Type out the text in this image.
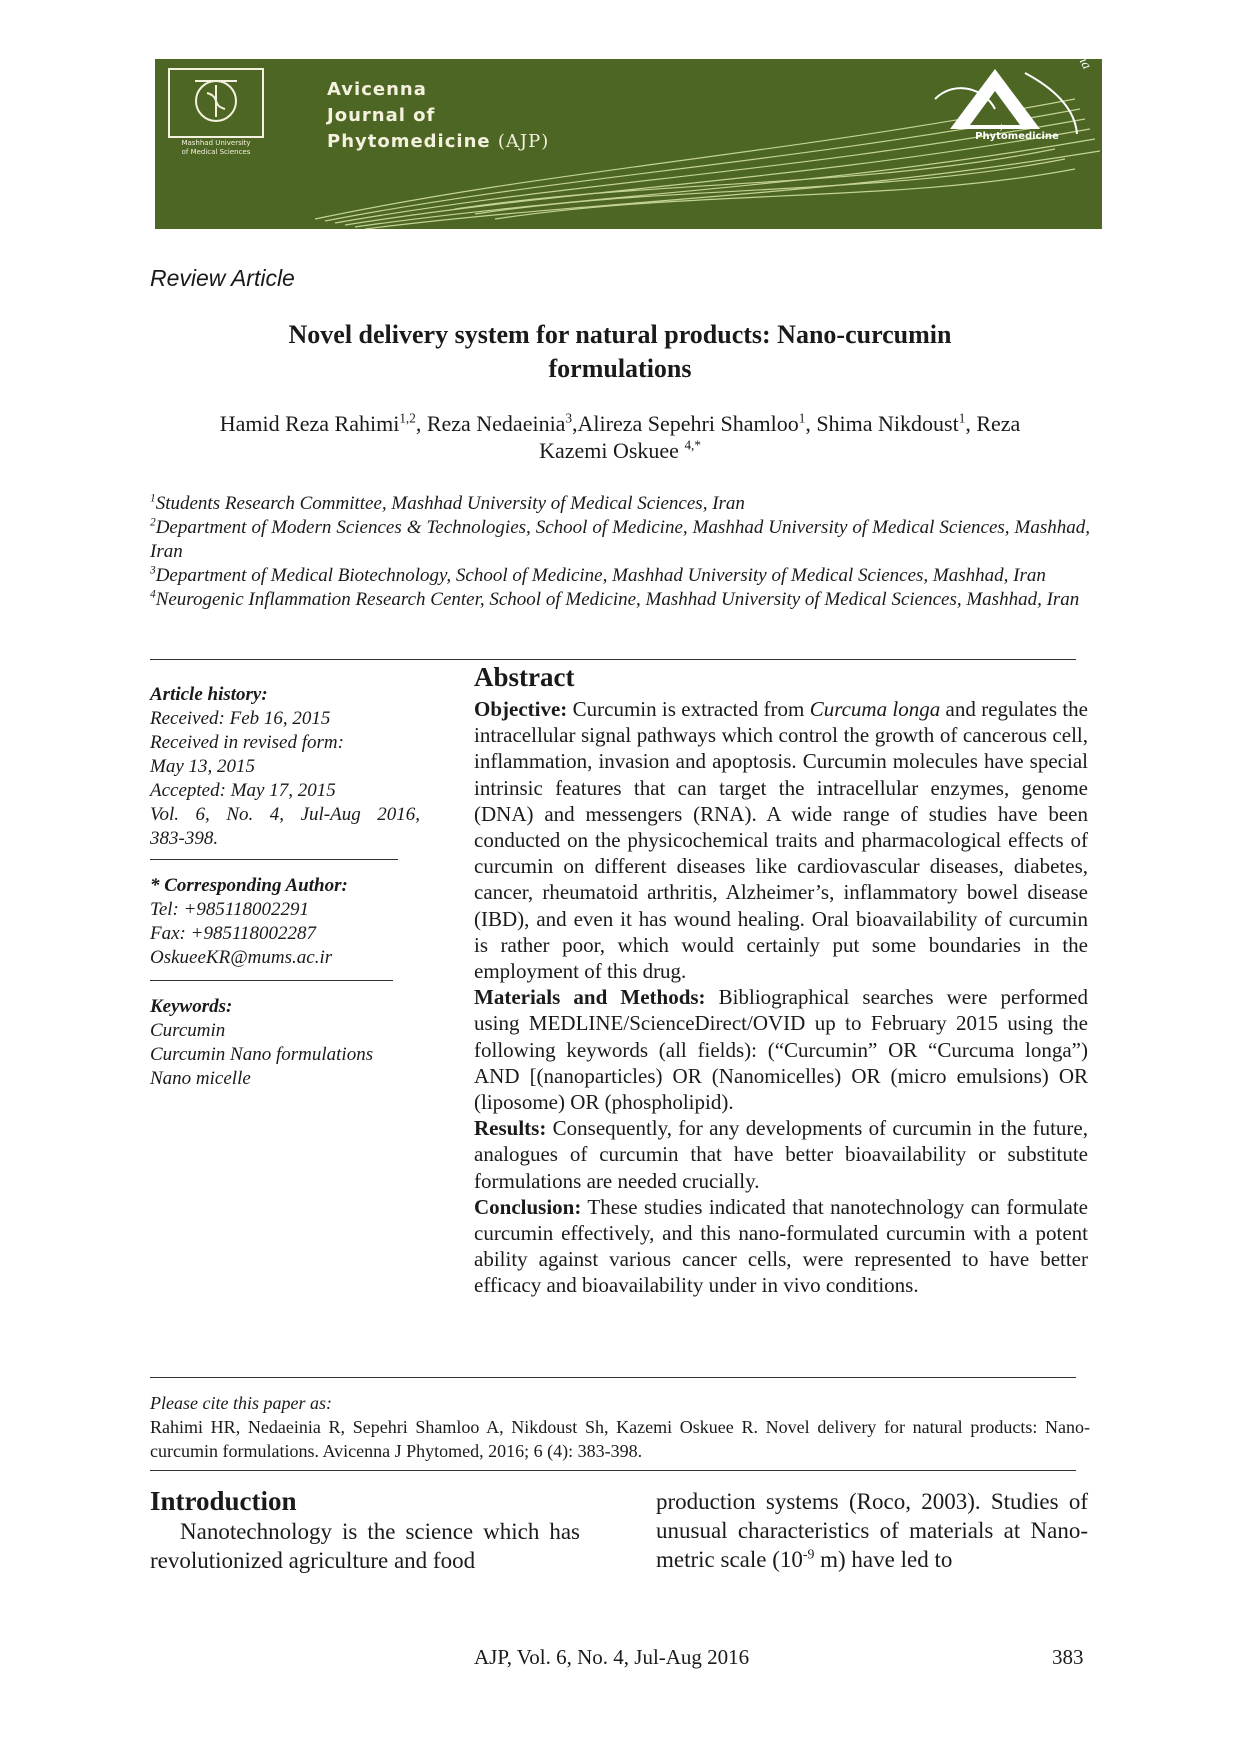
Avicenna
Journal of
Phytomedicine (AJP)
Mashhad University
of Medical Sciences
Journal of
Phytomedicine
Avicenna
Review Article
Novel delivery system for natural products: Nano-curcumin
formulations
Hamid Reza Rahimi$^{1,2}$, Reza Nedaeinia$^3$,Alireza Sepehri Shamloo$^1$, Shima Nikdoust$^1$, Reza
Kazemi Oskuee $^{4,*}$

$^1$Students Research Committee, Mashhad University of Medical Sciences, Iran

$^2$Department of Modern Sciences & Technologies, School of Medicine, Mashhad University of Medical Sciences, Mashhad, Iran

$^3$Department of Medical Biotechnology, School of Medicine, Mashhad University of Medical Sciences, Mashhad, Iran

$^4$Neurogenic Inflammation Research Center, School of Medicine, Mashhad University of Medical Sciences, Mashhad, Iran

Article history:
Received: Feb 16, 2015
Received in revised form:
May 13, 2015
Accepted: May 17, 2015
Vol. 6, No. 4, Jul-Aug 2016,
383-398.
* Corresponding Author:
Tel: +985118002291
Fax: +985118002287
OskueeKR@mums.ac.ir
Keywords:
Curcumin
Curcumin Nano formulations
Nano micelle
Abstract

Objective: Curcumin is extracted from Curcuma longa and regulates the intracellular signal pathways which control the growth of cancerous cell, inflammation, invasion and apoptosis. Curcumin molecules have special intrinsic features that can target the intracellular enzymes, genome (DNA) and messengers (RNA). A wide range of studies have been conducted on the physicochemical traits and pharmacological effects of curcumin on different diseases like cardiovascular diseases, diabetes, cancer, rheumatoid arthritis, Alzheimer’s, inflammatory bowel disease (IBD), and even it has wound healing. Oral bioavailability of curcumin is rather poor, which would certainly put some boundaries in the employment of this drug.

Materials and Methods: Bibliographical searches were performed using MEDLINE/ScienceDirect/OVID up to February 2015 using the following keywords (all fields): (“Curcumin” OR “Curcuma longa”) AND [(nanoparticles) OR (Nanomicelles) OR (micro emulsions) OR (liposome) OR (phospholipid).

Results: Consequently, for any developments of curcumin in the future, analogues of curcumin that have better bioavailability or substitute formulations are needed crucially.

Conclusion: These studies indicated that nanotechnology can formulate curcumin effectively, and this nano-formulated curcumin with a potent ability against various cancer cells, were represented to have better efficacy and bioavailability under in vivo conditions.

Please cite this paper as:
Rahimi HR, Nedaeinia R, Sepehri Shamloo A, Nikdoust Sh, Kazemi Oskuee R. Novel delivery for natural products: Nano-curcumin formulations. Avicenna J Phytomed, 2016; 6 (4): 383-398.
Introduction

Nanotechnology is the science which has revolutionized agriculture and food

production systems (Roco, 2003). Studies of unusual characteristics of materials at Nano-metric scale ($10^{-9}$ m) have led to

AJP, Vol. 6, No. 4, Jul-Aug 2016	383
